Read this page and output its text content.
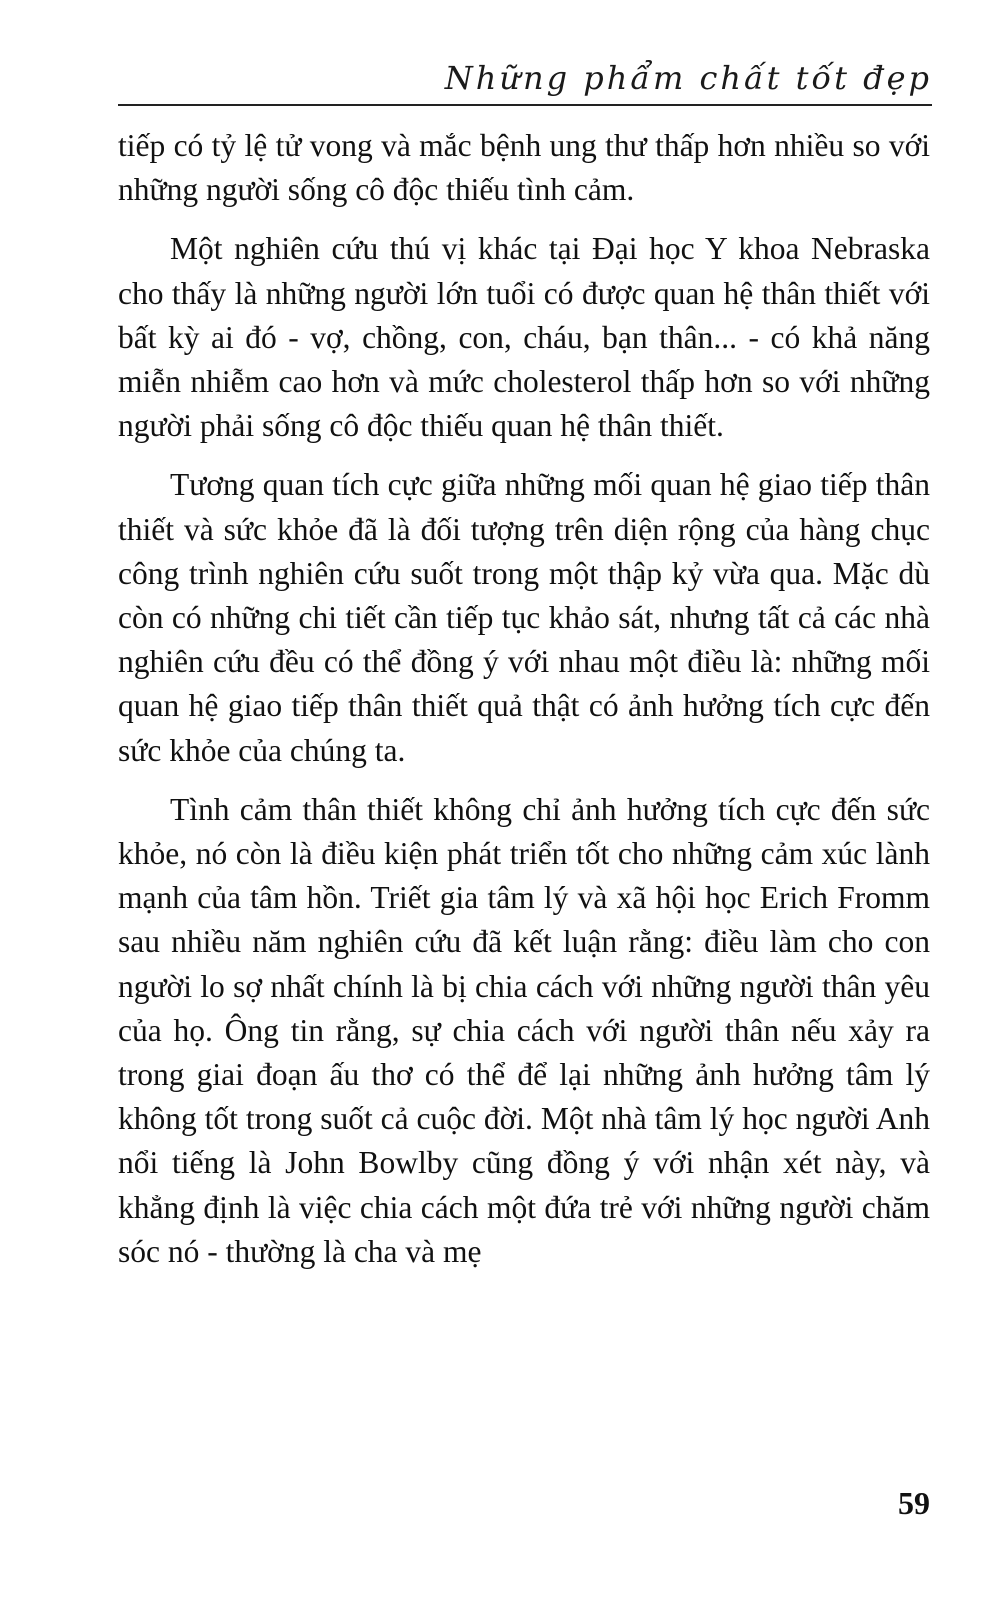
Những phẩm chất tốt đẹp

tiếp có tỷ lệ tử vong và mắc bệnh ung thư thấp hơn nhiều so với những người sống cô độc thiếu tình cảm.

Một nghiên cứu thú vị khác tại Đại học Y khoa Nebraska cho thấy là những người lớn tuổi có được quan hệ thân thiết với bất kỳ ai đó - vợ, chồng, con, cháu, bạn thân... - có khả năng miễn nhiễm cao hơn và mức cholesterol thấp hơn so với những người phải sống cô độc thiếu quan hệ thân thiết.

Tương quan tích cực giữa những mối quan hệ giao tiếp thân thiết và sức khỏe đã là đối tượng trên diện rộng của hàng chục công trình nghiên cứu suốt trong một thập kỷ vừa qua. Mặc dù còn có những chi tiết cần tiếp tục khảo sát, nhưng tất cả các nhà nghiên cứu đều có thể đồng ý với nhau một điều là: những mối quan hệ giao tiếp thân thiết quả thật có ảnh hưởng tích cực đến sức khỏe của chúng ta.

Tình cảm thân thiết không chỉ ảnh hưởng tích cực đến sức khỏe, nó còn là điều kiện phát triển tốt cho những cảm xúc lành mạnh của tâm hồn. Triết gia tâm lý và xã hội học Erich Fromm sau nhiều năm nghiên cứu đã kết luận rằng: điều làm cho con người lo sợ nhất chính là bị chia cách với những người thân yêu của họ. Ông tin rằng, sự chia cách với người thân nếu xảy ra trong giai đoạn ấu thơ có thể để lại những ảnh hưởng tâm lý không tốt trong suốt cả cuộc đời. Một nhà tâm lý học người Anh nổi tiếng là John Bowlby cũng đồng ý với nhận xét này, và khẳng định là việc chia cách một đứa trẻ với những người chăm sóc nó - thường là cha và mẹ

59
